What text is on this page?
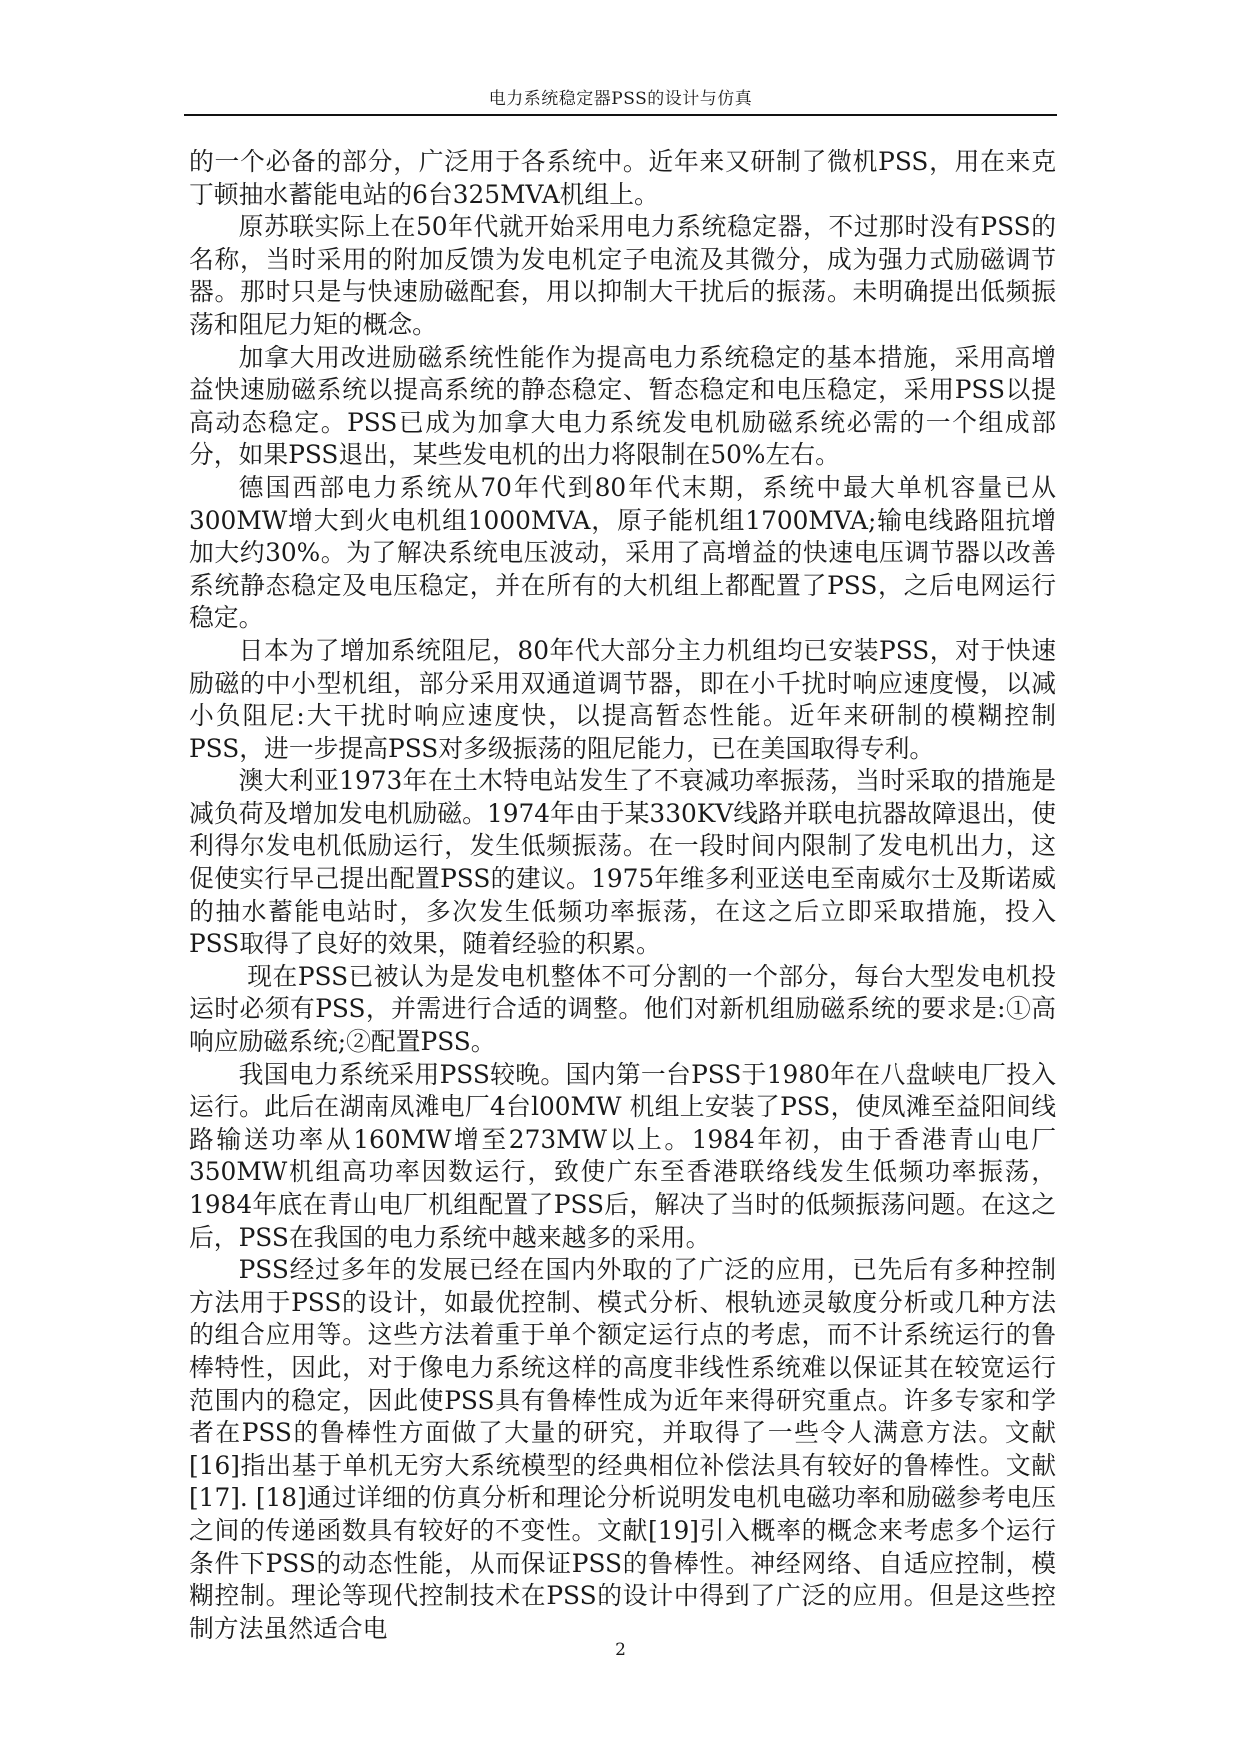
电力系统稳定器PSS的设计与仿真

的一个必备的部分，广泛用于各系统中。近年来又研制了微机PSS，用在来克丁顿抽水蓄能电站的6台325MVA机组上。

原苏联实际上在50年代就开始采用电力系统稳定器，不过那时没有PSS的名称，当时采用的附加反馈为发电机定子电流及其微分，成为强力式励磁调节器。那时只是与快速励磁配套，用以抑制大干扰后的振荡。未明确提出低频振荡和阻尼力矩的概念。

加拿大用改进励磁系统性能作为提高电力系统稳定的基本措施，采用高增益快速励磁系统以提高系统的静态稳定、暂态稳定和电压稳定，采用PSS以提高动态稳定。PSS已成为加拿大电力系统发电机励磁系统必需的一个组成部分，如果PSS退出，某些发电机的出力将限制在50%左右。

德国西部电力系统从70年代到80年代末期，系统中最大单机容量已从300MW增大到火电机组1000MVA，原子能机组1700MVA;输电线路阻抗增加大约30%。为了解决系统电压波动，采用了高增益的快速电压调节器以改善系统静态稳定及电压稳定，并在所有的大机组上都配置了PSS，之后电网运行稳定。

日本为了增加系统阻尼，80年代大部分主力机组均已安装PSS，对于快速励磁的中小型机组，部分采用双通道调节器，即在小千扰时响应速度慢，以减小负阻尼:大干扰时响应速度快，以提高暂态性能。近年来研制的模糊控制PSS，进一步提高PSS对多级振荡的阻尼能力，已在美国取得专利。

澳大利亚1973年在土木特电站发生了不衰减功率振荡，当时采取的措施是减负荷及增加发电机励磁。1974年由于某330KV线路并联电抗器故障退出，使利得尔发电机低励运行，发生低频振荡。在一段时间内限制了发电机出力，这促使实行早己提出配置PSS的建议。1975年维多利亚送电至南威尔士及斯诺威的抽水蓄能电站时，多次发生低频功率振荡，在这之后立即采取措施，投入PSS取得了良好的效果，随着经验的积累。

现在PSS已被认为是发电机整体不可分割的一个部分，每台大型发电机投运时必须有PSS，并需进行合适的调整。他们对新机组励磁系统的要求是:①高响应励磁系统;②配置PSS。

我国电力系统采用PSS较晚。国内第一台PSS于1980年在八盘峡电厂投入运行。此后在湖南凤滩电厂4台l00MW 机组上安装了PSS，使凤滩至益阳间线路输送功率从160MW增至273MW以上。1984年初，由于香港青山电厂350MW机组高功率因数运行，致使广东至香港联络线发生低频功率振荡，1984年底在青山电厂机组配置了PSS后，解决了当时的低频振荡问题。在这之后，PSS在我国的电力系统中越来越多的采用。

PSS经过多年的发展已经在国内外取的了广泛的应用，已先后有多种控制方法用于PSS的设计，如最优控制、模式分析、根轨迹灵敏度分析或几种方法的组合应用等。这些方法着重于单个额定运行点的考虑，而不计系统运行的鲁棒特性，因此，对于像电力系统这样的高度非线性系统难以保证其在较宽运行范围内的稳定，因此使PSS具有鲁棒性成为近年来得研究重点。许多专家和学者在PSS的鲁棒性方面做了大量的研究，并取得了一些令人满意方法。文献[16]指出基于单机无穷大系统模型的经典相位补偿法具有较好的鲁棒性。文献[17]. [18]通过详细的仿真分析和理论分析说明发电机电磁功率和励磁参考电压之间的传递函数具有较好的不变性。文献[19]引入概率的概念来考虑多个运行条件下PSS的动态性能，从而保证PSS的鲁棒性。神经网络、自适应控制，模糊控制。理论等现代控制技术在PSS的设计中得到了广泛的应用。但是这些控制方法虽然适合电

2
